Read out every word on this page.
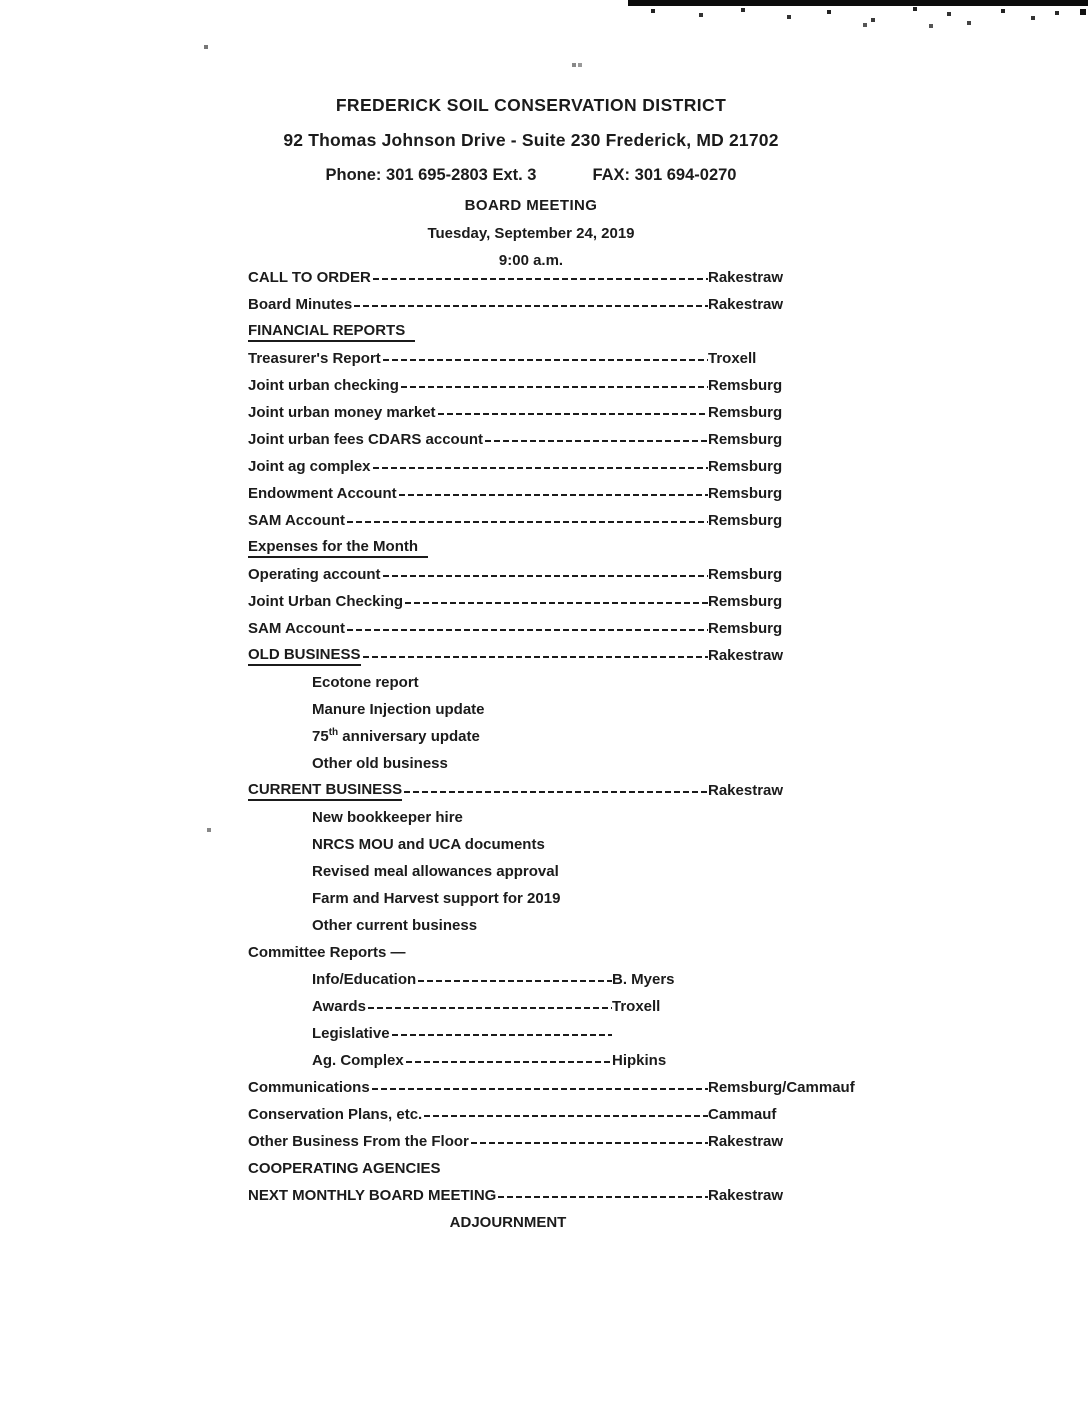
FREDERICK SOIL CONSERVATION DISTRICT
92 Thomas Johnson Drive - Suite 230 Frederick, MD 21702
Phone: 301 695-2803 Ext. 3	FAX: 301 694-0270
BOARD MEETING
Tuesday, September 24, 2019
9:00 a.m.
CALL TO ORDER	Rakestraw
Board Minutes	Rakestraw
FINANCIAL REPORTS
Treasurer's Report	Troxell
Joint urban checking	Remsburg
Joint urban money market	Remsburg
Joint urban fees CDARS account	Remsburg
Joint ag complex	Remsburg
Endowment Account	Remsburg
SAM Account	Remsburg
Expenses for the Month
Operating account	Remsburg
Joint Urban Checking	Remsburg
SAM Account	Remsburg
OLD BUSINESS	Rakestraw
Ecotone report
Manure Injection update
75th anniversary update
Other old business
CURRENT BUSINESS	Rakestraw
New bookkeeper hire
NRCS MOU and UCA documents
Revised meal allowances approval
Farm and Harvest support for 2019
Other current business
Committee Reports —
Info/Education	B. Myers
Awards	Troxell
Legislative
Ag. Complex	Hipkins
Communications	Remsburg/Cammauf
Conservation Plans, etc.	Cammauf
Other Business From the Floor	Rakestraw
COOPERATING AGENCIES
NEXT MONTHLY BOARD MEETING	Rakestraw
ADJOURNMENT
